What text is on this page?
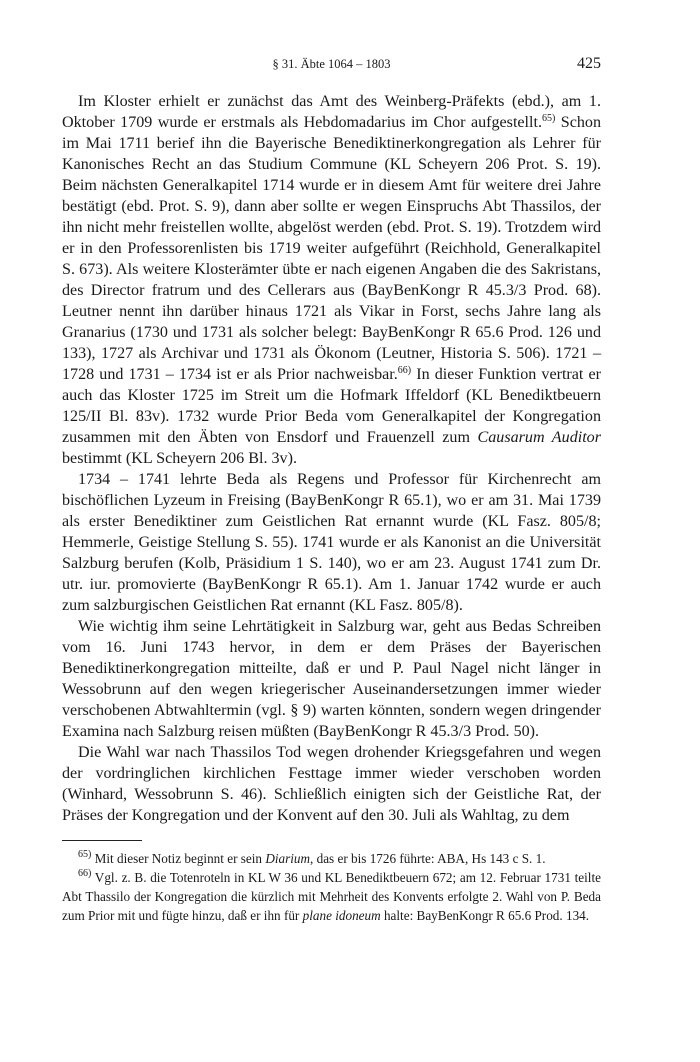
§ 31. Äbte 1064 – 1803	425

Im Kloster erhielt er zunächst das Amt des Weinberg-Präfekts (ebd.), am 1. Oktober 1709 wurde er erstmals als Hebdomadarius im Chor aufgestellt.$^{65)}$ Schon im Mai 1711 berief ihn die Bayerische Benediktinerkongregation als Lehrer für Kanonisches Recht an das Studium Commune (KL Scheyern 206 Prot. S. 19). Beim nächsten Generalkapitel 1714 wurde er in diesem Amt für weitere drei Jahre bestätigt (ebd. Prot. S. 9), dann aber sollte er wegen Einspruchs Abt Thassilos, der ihn nicht mehr freistellen wollte, abgelöst werden (ebd. Prot. S. 19). Trotzdem wird er in den Professorenlisten bis 1719 weiter aufgeführt (Reichhold, Generalkapitel S. 673). Als weitere Klosterämter übte er nach eigenen Angaben die des Sakristans, des Director fratrum und des Cellerars aus (BayBenKongr R 45.3/3 Prod. 68). Leutner nennt ihn darüber hinaus 1721 als Vikar in Forst, sechs Jahre lang als Granarius (1730 und 1731 als solcher belegt: BayBenKongr R 65.6 Prod. 126 und 133), 1727 als Archivar und 1731 als Ökonom (Leutner, Historia S. 506). 1721 – 1728 und 1731 – 1734 ist er als Prior nachweisbar.$^{66)}$ In dieser Funktion vertrat er auch das Kloster 1725 im Streit um die Hofmark Iffeldorf (KL Benediktbeuern 125/II Bl. 83v). 1732 wurde Prior Beda vom Generalkapitel der Kongregation zusammen mit den Äbten von Ensdorf und Frauenzell zum Causarum Auditor bestimmt (KL Scheyern 206 Bl. 3v).

1734 – 1741 lehrte Beda als Regens und Professor für Kirchenrecht am bischöflichen Lyzeum in Freising (BayBenKongr R 65.1), wo er am 31. Mai 1739 als erster Benediktiner zum Geistlichen Rat ernannt wurde (KL Fasz. 805/8; Hemmerle, Geistige Stellung S. 55). 1741 wurde er als Kanonist an die Universität Salzburg berufen (Kolb, Präsidium 1 S. 140), wo er am 23. August 1741 zum Dr. utr. iur. promovierte (BayBenKongr R 65.1). Am 1. Januar 1742 wurde er auch zum salzburgischen Geistlichen Rat ernannt (KL Fasz. 805/8).

Wie wichtig ihm seine Lehrtätigkeit in Salzburg war, geht aus Bedas Schreiben vom 16. Juni 1743 hervor, in dem er dem Präses der Bayerischen Benediktinerkongregation mitteilte, daß er und P. Paul Nagel nicht länger in Wessobrunn auf den wegen kriegerischer Auseinandersetzungen immer wieder verschobenen Abtwahltermin (vgl. § 9) warten könnten, sondern wegen dringender Examina nach Salzburg reisen müßten (BayBenKongr R 45.3/3 Prod. 50).

Die Wahl war nach Thassilos Tod wegen drohender Kriegsgefahren und wegen der vordringlichen kirchlichen Festtage immer wieder verschoben worden (Winhard, Wessobrunn S. 46). Schließlich einigten sich der Geistliche Rat, der Präses der Kongregation und der Konvent auf den 30. Juli als Wahltag, zu dem

$^{65)}$ Mit dieser Notiz beginnt er sein Diarium, das er bis 1726 führte: ABA, Hs 143 c S. 1.

$^{66)}$ Vgl. z. B. die Totenroteln in KL W 36 und KL Benediktbeuern 672; am 12. Februar 1731 teilte Abt Thassilo der Kongregation die kürzlich mit Mehrheit des Konvents erfolgte 2. Wahl von P. Beda zum Prior mit und fügte hinzu, daß er ihn für plane idoneum halte: BayBenKongr R 65.6 Prod. 134.
